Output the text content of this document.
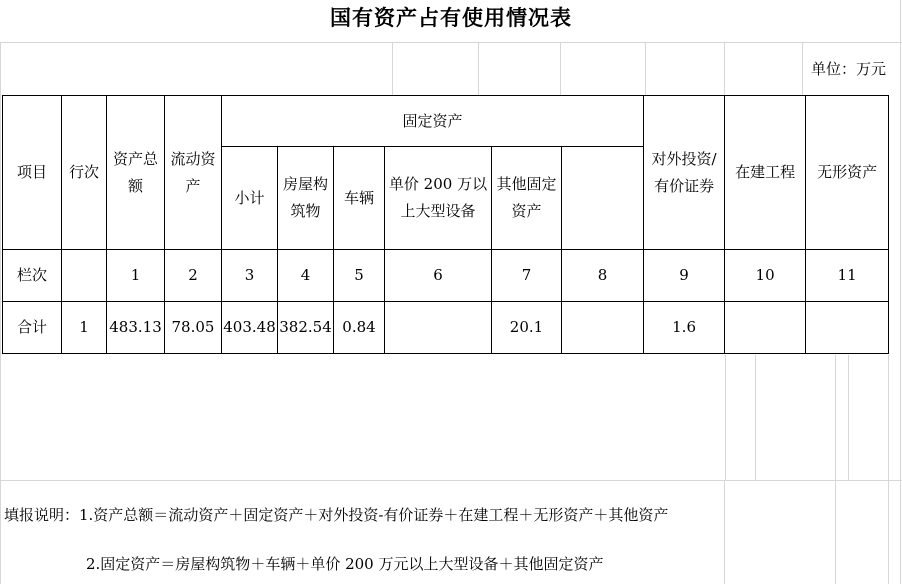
国有资产占有使用情况表
单位：万元
项目	行次	资产总额	流动资产	固定资产						对外投资/有价证券	在建工程	无形资产	
				小计	房屋构筑物	车辆	单价 200 万以上大型设备	其他固定资产					
栏次		1	2	3	4	5	6	7	8	9	10	11	
合计	1	483.13	78.05	403.48	382.54	0.84		20.1		1.6			
填报说明：1.资产总额＝流动资产＋固定资产＋对外投资-有价证券＋在建工程＋无形资产＋其他资产
2.固定资产＝房屋构筑物＋车辆＋单价 200 万元以上大型设备＋其他固定资产
